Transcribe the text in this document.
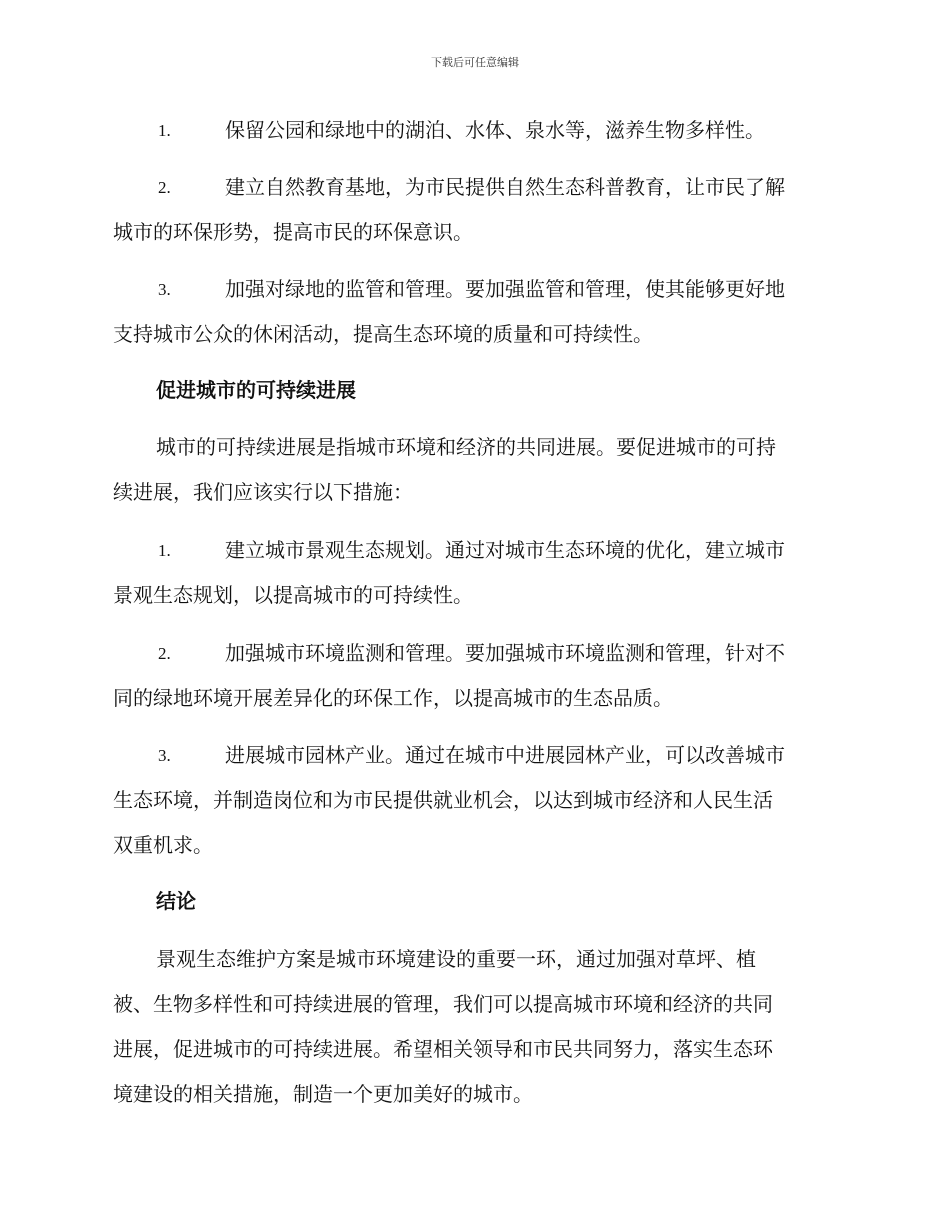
下载后可任意编辑
1.	保留公园和绿地中的湖泊、水体、泉水等，滋养生物多样性。
2.	建立自然教育基地，为市民提供自然生态科普教育，让市民了解
城市的环保形势，提高市民的环保意识。
3.	加强对绿地的监管和管理。要加强监管和管理，使其能够更好地
支持城市公众的休闲活动，提高生态环境的质量和可持续性。
促进城市的可持续进展
城市的可持续进展是指城市环境和经济的共同进展。要促进城市的可持
续进展，我们应该实行以下措施：
1.	建立城市景观生态规划。通过对城市生态环境的优化，建立城市
景观生态规划，以提高城市的可持续性。
2.	加强城市环境监测和管理。要加强城市环境监测和管理，针对不
同的绿地环境开展差异化的环保工作，以提高城市的生态品质。
3.	进展城市园林产业。通过在城市中进展园林产业，可以改善城市
生态环境，并制造岗位和为市民提供就业机会，以达到城市经济和人民生活
双重机求。
结论
景观生态维护方案是城市环境建设的重要一环，通过加强对草坪、植
被、生物多样性和可持续进展的管理，我们可以提高城市环境和经济的共同
进展，促进城市的可持续进展。希望相关领导和市民共同努力，落实生态环
境建设的相关措施，制造一个更加美好的城市。
